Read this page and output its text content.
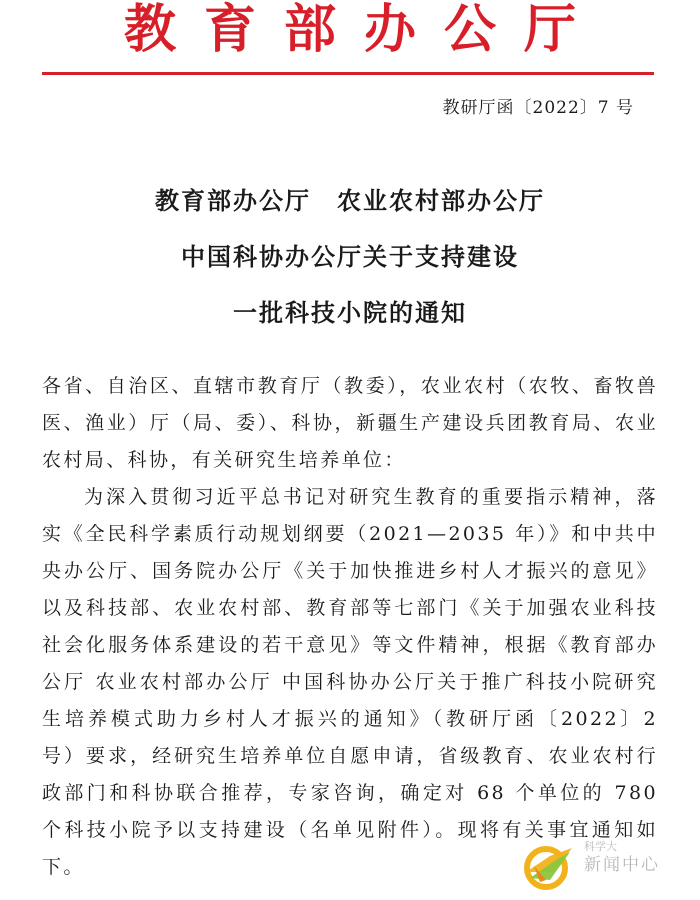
教育部办公厅
教研厅函〔2022〕7 号
教育部办公厅　农业农村部办公厅
中国科协办公厅关于支持建设
一批科技小院的通知

各省、自治区、直辖市教育厅（教委），农业农村（农牧、畜牧兽医、渔业）厅（局、委）、科协，新疆生产建设兵团教育局、农业农村局、科协，有关研究生培养单位：

为深入贯彻习近平总书记对研究生教育的重要指示精神，落实《全民科学素质行动规划纲要（2021—2035 年）》和中共中央办公厅、国务院办公厅《关于加快推进乡村人才振兴的意见》以及科技部、农业农村部、教育部等七部门《关于加强农业科技社会化服务体系建设的若干意见》等文件精神，根据《教育部办公厅 农业农村部办公厅 中国科协办公厅关于推广科技小院研究生培养模式助力乡村人才振兴的通知》（教研厅函〔2022〕2 号）要求，经研究生培养单位自愿申请，省级教育、农业农村行政部门和科协联合推荐，专家咨询，确定对 68 个单位的 780 个科技小院予以支持建设（名单见附件）。现将有关事宜通知如下。

科学大
新闻中心
